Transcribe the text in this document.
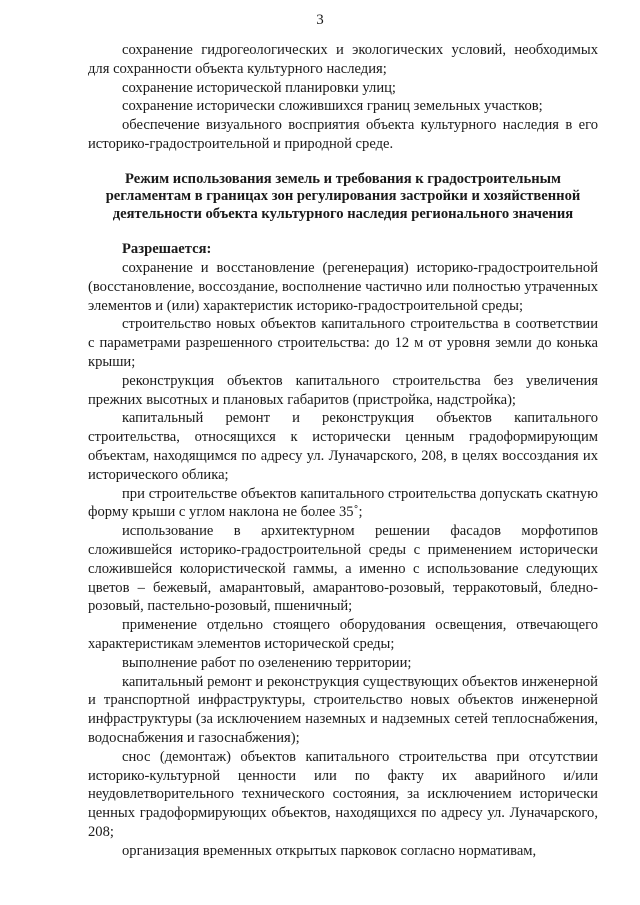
3

сохранение гидрогеологических и экологических условий, необходимых для сохранности объекта культурного наследия;

сохранение исторической планировки улиц;

сохранение исторически сложившихся границ земельных участков;

обеспечение визуального восприятия объекта культурного наследия в его историко-градостроительной и природной среде.

Режим использования земель и требования к градостроительным регламентам в границах зон регулирования застройки и хозяйственной деятельности объекта культурного наследия регионального значения

Разрешается:

сохранение и восстановление (регенерация) историко-градостроительной (восстановление, воссоздание, восполнение частично или полностью утраченных элементов и (или) характеристик историко-градостроительной среды;

строительство новых объектов капитального строительства в соответствии с параметрами разрешенного строительства: до 12 м от уровня земли до конька крыши;

реконструкция объектов капитального строительства без увеличения прежних высотных и плановых габаритов (пристройка, надстройка);

капитальный ремонт и реконструкция объектов капитального строительства, относящихся к исторически ценным градоформирующим объектам, находящимся по адресу ул. Луначарского, 208, в целях воссоздания их исторического облика;

при строительстве объектов капитального строительства допускать скатную форму крыши с углом наклона не более 35˚;

использование в архитектурном решении фасадов морфотипов сложившейся историко-градостроительной среды с применением исторически сложившейся колористической гаммы, а именно с использование следующих цветов – бежевый, амарантовый, амарантово-розовый, терракотовый, бледно-розовый, пастельно-розовый, пшеничный;

применение отдельно стоящего оборудования освещения, отвечающего характеристикам элементов исторической среды;

выполнение работ по озеленению территории;

капитальный ремонт и реконструкция существующих объектов инженерной и транспортной инфраструктуры, строительство новых объектов инженерной инфраструктуры (за исключением наземных и надземных сетей теплоснабжения, водоснабжения и газоснабжения);

снос (демонтаж) объектов капитального строительства при отсутствии историко-культурной ценности или по факту их аварийного и/или неудовлетворительного технического состояния, за исключением исторически ценных градоформирующих объектов, находящихся по адресу ул. Луначарского, 208;

организация временных открытых парковок согласно нормативам,
